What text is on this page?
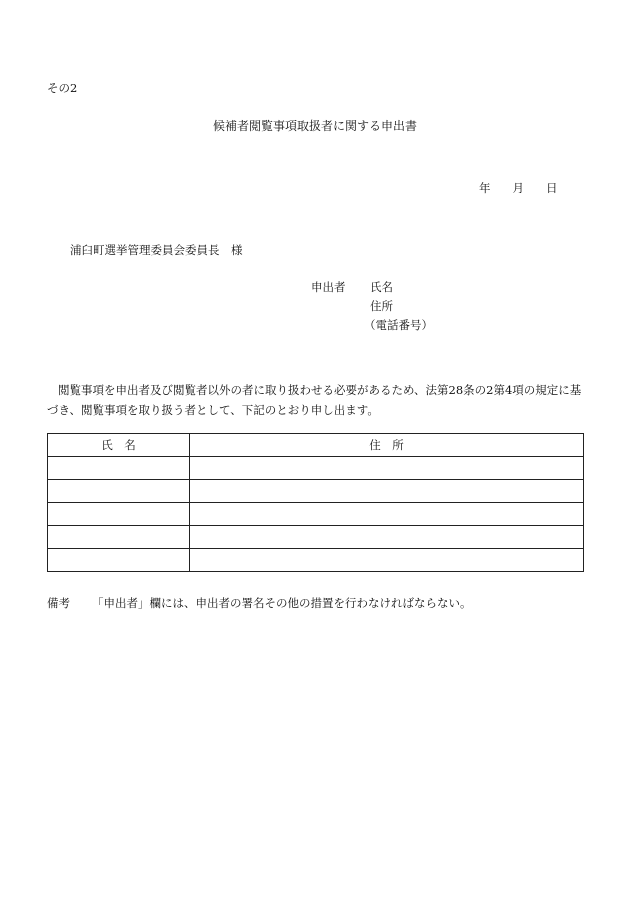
その2
候補者閲覧事項取扱者に関する申出書
年 月 日
浦臼町選挙管理委員会委員長　様
申出者 氏名
住所
（電話番号）
閲覧事項を申出者及び閲覧者以外の者に取り扱わせる必要があるため、法第28条の2第4項の規定に基づき、閲覧事項を取り扱う者として、下記のとおり申し出ます。
氏　名	住　所

備考 「申出者」欄には、申出者の署名その他の措置を行わなければならない。
